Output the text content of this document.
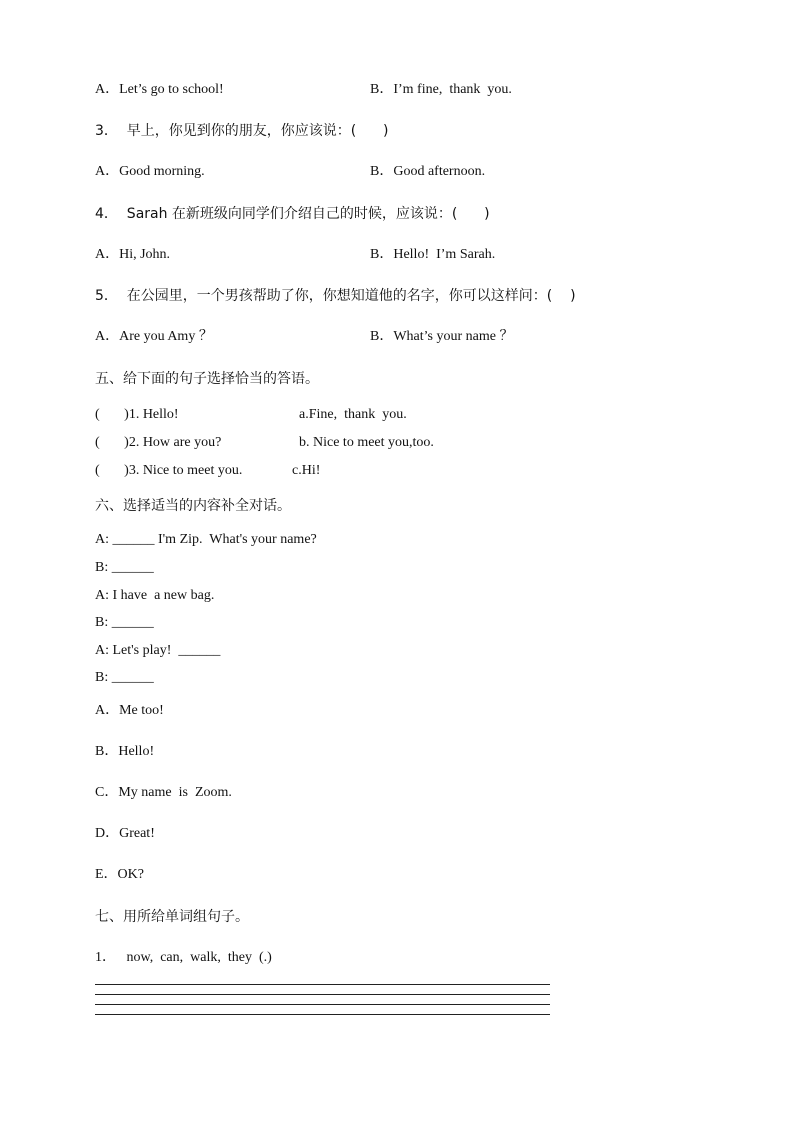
A．Let’s go to school!	B．I’m fine,  thank  you.
3．  早上，你见到你的朋友，你应该说：(      )
A．Good morning.	B．Good afternoon.
4．  Sarah 在新班级向同学们介绍自己的时候，应该说：(      )
A．Hi, John.	B．Hello!  I’m Sarah.
5．  在公园里，一个男孩帮助了你，你想知道他的名字，你可以这样问：(    )
A．Are you Amy ？	B．What’s your name ？
五、给下面的句子选择恰当的答语。
(       )1. Hello!	a.Fine,  thank  you.
(       )2. How are you?	b. Nice to meet you,too.
(       )3. Nice to meet you.	c.Hi!
六、选择适当的内容补全对话。
A: ______ I'm Zip.  What's your name?
B: ______
A: I have  a new bag.
B: ______
A: Let's play!  ______
B: ______
A．Me too!
B．Hello!
C．My name  is  Zoom.
D．Great!
E．OK?
七、用所给单词组句子。
1．   now,  can,  walk,  they  (.)
